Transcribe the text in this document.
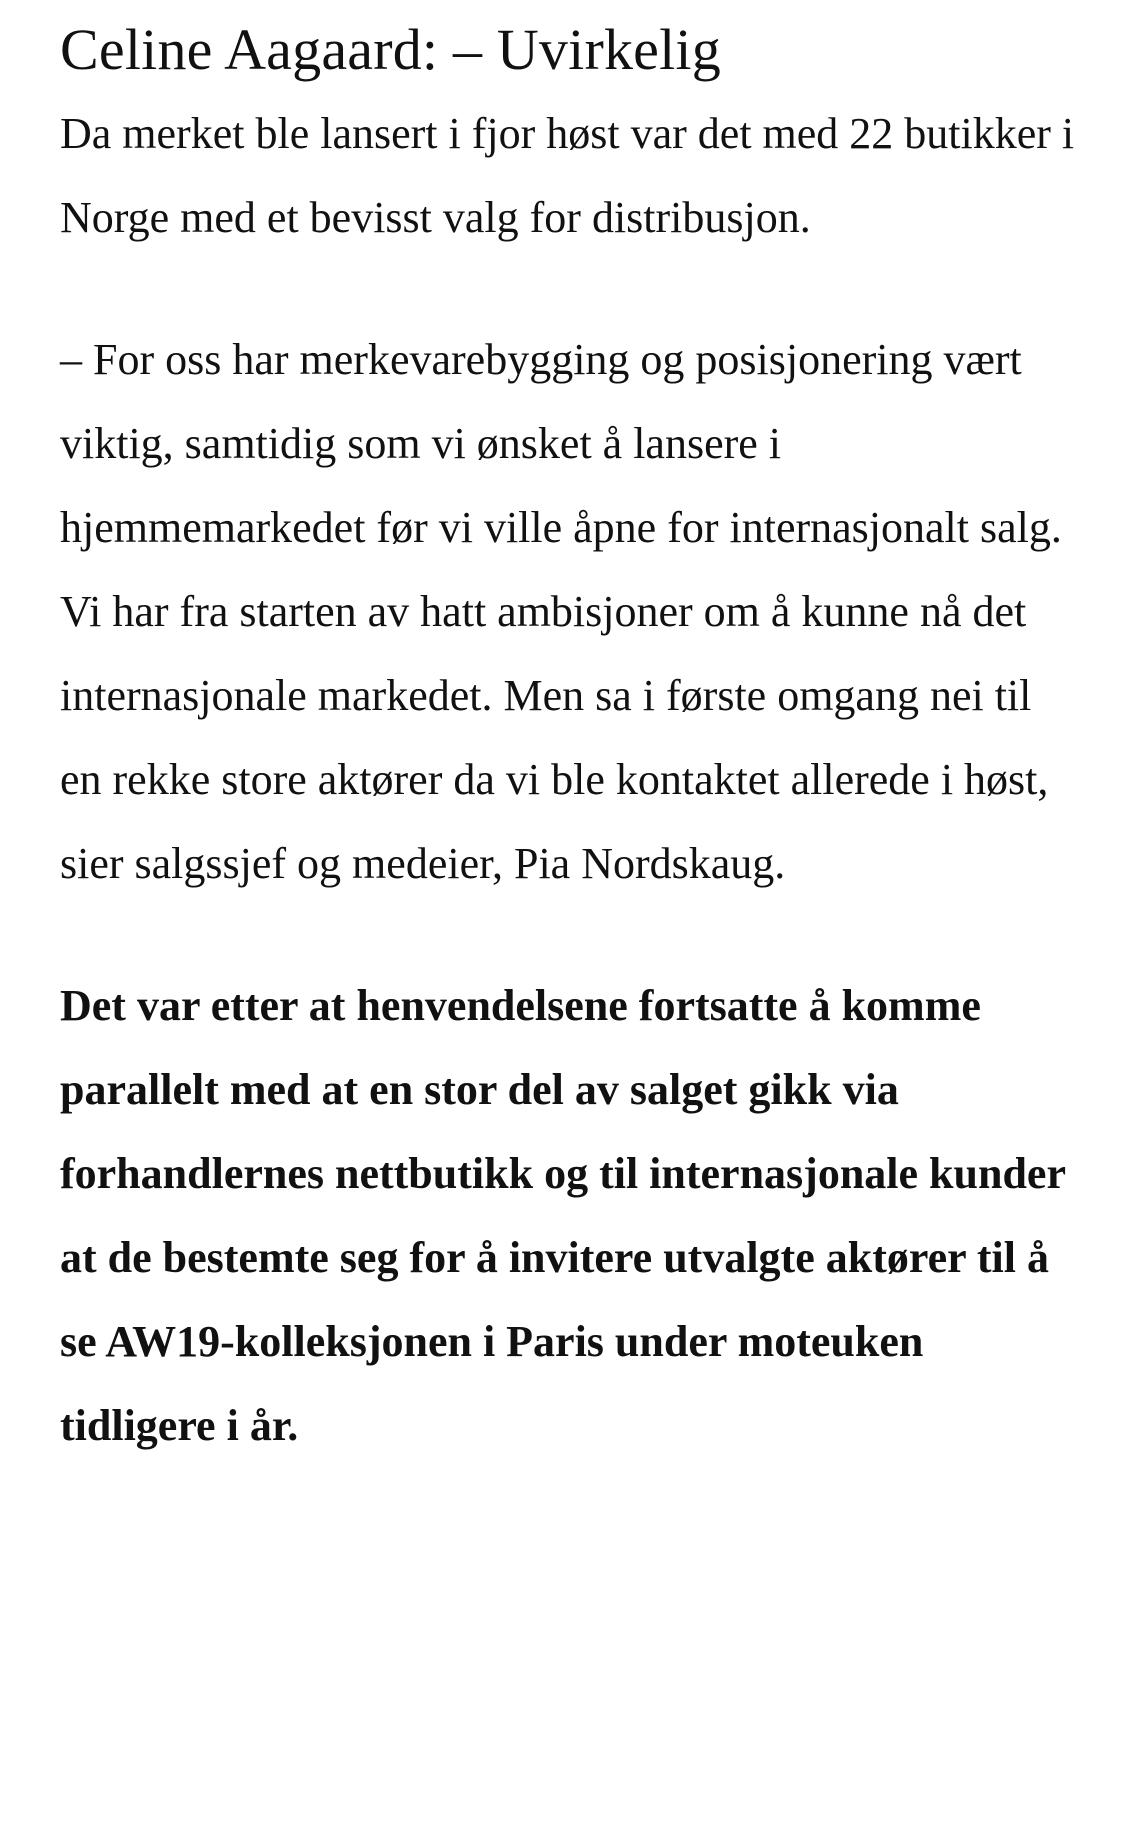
Celine Aagaard: – Uvirkelig

Da merket ble lansert i fjor høst var det med 22 butikker i Norge med et bevisst valg for distribusjon.

– For oss har merkevarebygging og posisjonering vært viktig, samtidig som vi ønsket å lansere i hjemmemarkedet før vi ville åpne for internasjonalt salg. Vi har fra starten av hatt ambisjoner om å kunne nå det internasjonale markedet. Men sa i første omgang nei til en rekke store aktører da vi ble kontaktet allerede i høst, sier salgssjef og medeier, Pia Nordskaug.

Det var etter at henvendelsene fortsatte å komme parallelt med at en stor del av salget gikk via forhandlernes nettbutikk og til internasjonale kunder at de bestemte seg for å invitere utvalgte aktører til å se AW19-kolleksjonen i Paris under moteuken tidligere i år.
